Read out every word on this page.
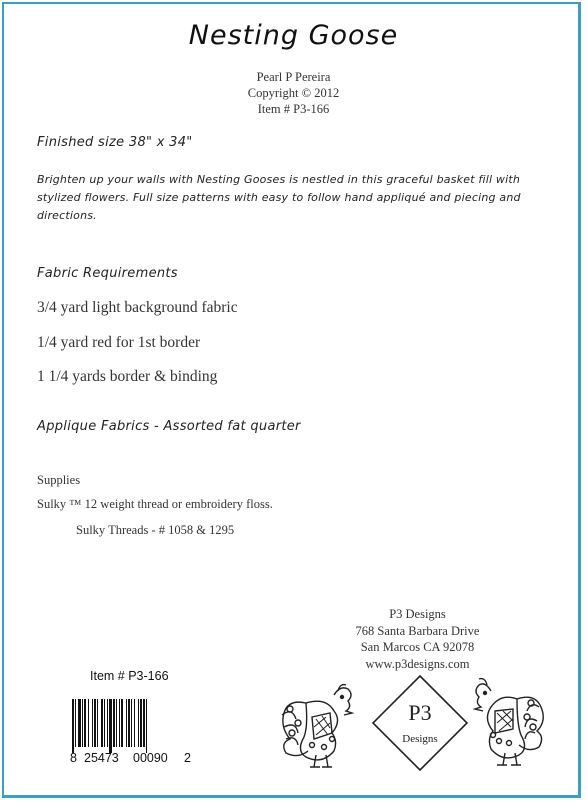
Nesting Goose
Pearl P Pereira
Copyright © 2012
Item # P3-166
Finished size 38" x 34"
Brighten up your walls with Nesting Gooses is nestled in this graceful basket fill with
stylized flowers. Full size patterns with easy to follow hand appliqué and piecing and
directions.
Fabric Requirements
3/4 yard light background fabric
1/4 yard red for 1st border
1 1/4 yards border & binding
Applique Fabrics - Assorted fat quarter
Supplies
Sulky ™ 12 weight thread or embroidery floss.
Sulky Threads - # 1058 & 1295
P3 Designs
768 Santa Barbara Drive
San Marcos CA 92078
www.p3designs.com
Item # P3-166
8 25473 00090 2
P3
Designs
